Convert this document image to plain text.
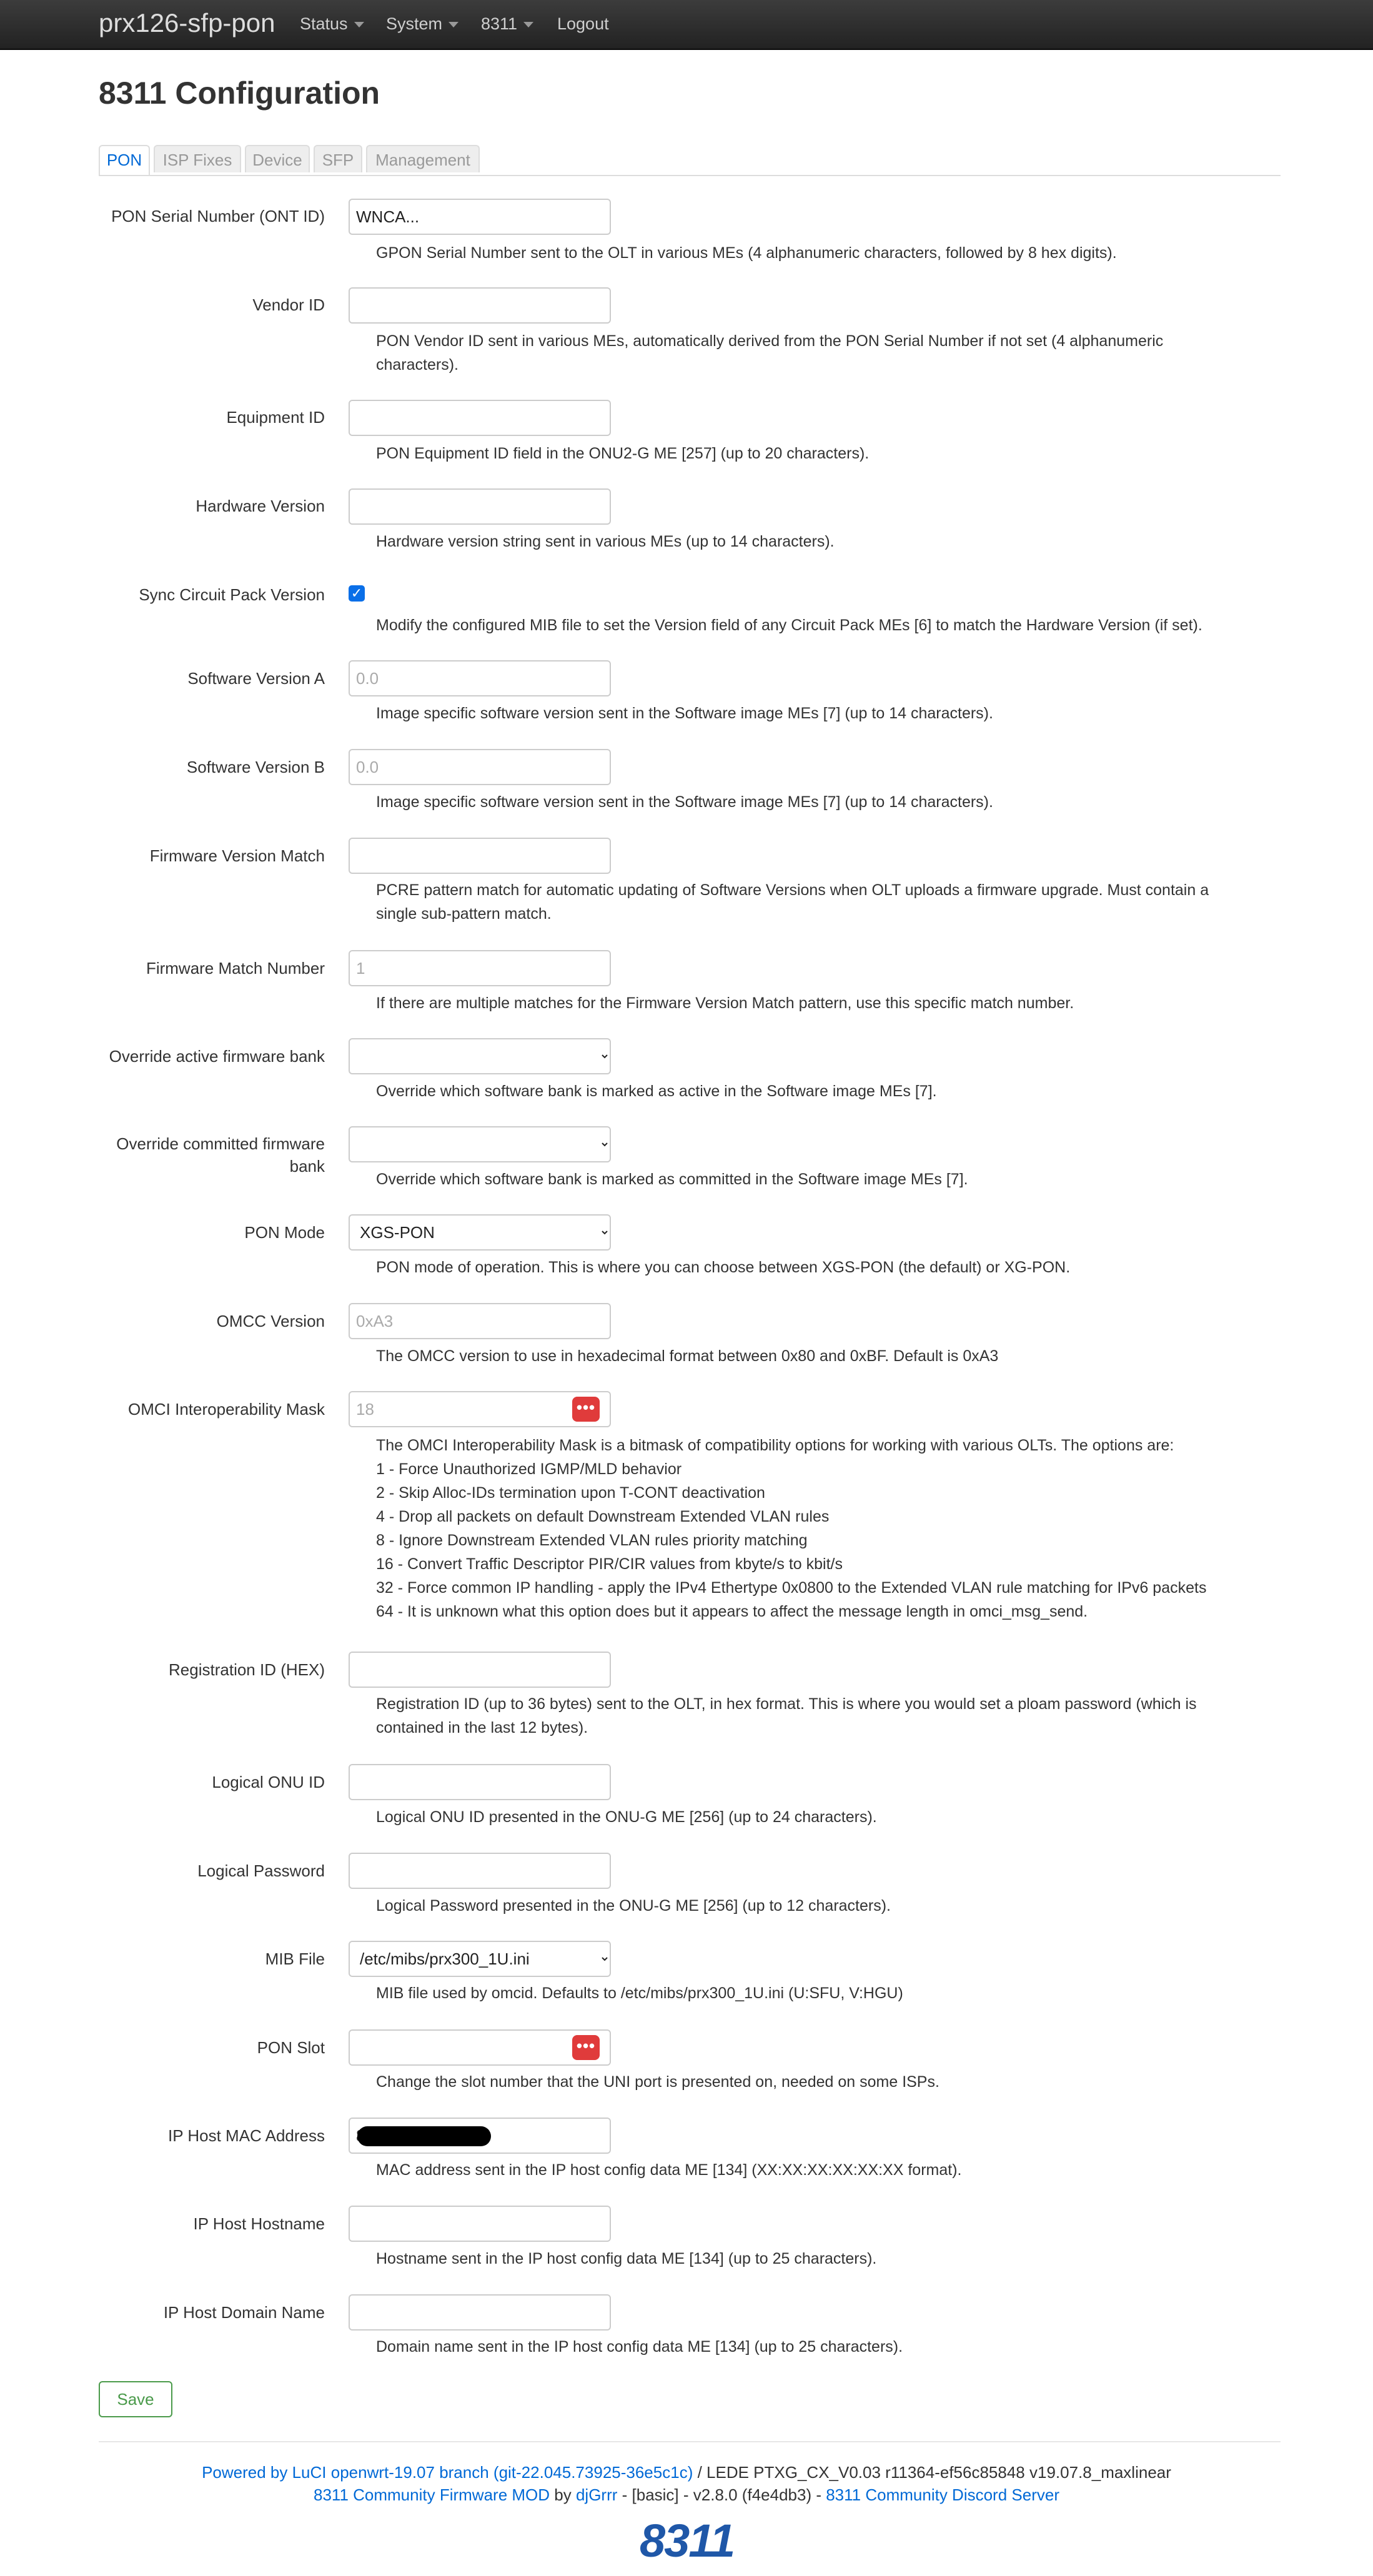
prx126-sfp-pon Status	System	8311	Logout
8311 Configuration
PON	ISP Fixes	Device	SFP	Management
PON Serial Number (ONT ID)
WNCA...

GPON Serial Number sent to the OLT in various MEs (4 alphanumeric characters, followed by 8 hex digits).

Vendor ID

PON Vendor ID sent in various MEs, automatically derived from the PON Serial Number if not set (4 alphanumeric
characters).

Equipment ID

PON Equipment ID field in the ONU2-G ME [257] (up to 20 characters).

Hardware Version

Hardware version string sent in various MEs (up to 14 characters).

Sync Circuit Pack Version ✓

Modify the configured MIB file to set the Version field of any Circuit Pack MEs [6] to match the Hardware Version (if set).

Software Version A
0.0

Image specific software version sent in the Software image MEs [7] (up to 14 characters).

Software Version B
0.0

Image specific software version sent in the Software image MEs [7] (up to 14 characters).

Firmware Version Match

PCRE pattern match for automatic updating of Software Versions when OLT uploads a firmware upgrade. Must contain a
single sub-pattern match.

Firmware Match Number
1

If there are multiple matches for the Firmware Version Match pattern, use this specific match number.

Override active firmware bank

Override which software bank is marked as active in the Software image MEs [7].

Override committed firmware
bank

Override which software bank is marked as committed in the Software image MEs [7].

PON Mode
XGS-PON

PON mode of operation. This is where you can choose between XGS-PON (the default) or XG-PON.

OMCC Version
0xA3

The OMCC version to use in hexadecimal format between 0x80 and 0xBF. Default is 0xA3

OMCI Interoperability Mask
18	•••
The OMCI Interoperability Mask is a bitmask of compatibility options for working with various OLTs. The options are:
1 - Force Unauthorized IGMP/MLD behavior
2 - Skip Alloc-IDs termination upon T-CONT deactivation
4 - Drop all packets on default Downstream Extended VLAN rules
8 - Ignore Downstream Extended VLAN rules priority matching
16 - Convert Traffic Descriptor PIR/CIR values from kbyte/s to kbit/s
32 - Force common IP handling - apply the IPv4 Ethertype 0x0800 to the Extended VLAN rule matching for IPv6 packets
64 - It is unknown what this option does but it appears to affect the message length in omci_msg_send.
Registration ID (HEX)

Registration ID (up to 36 bytes) sent to the OLT, in hex format. This is where you would set a ploam password (which is
contained in the last 12 bytes).

Logical ONU ID

Logical ONU ID presented in the ONU-G ME [256] (up to 24 characters).

Logical Password

Logical Password presented in the ONU-G ME [256] (up to 12 characters).

MIB File
/etc/mibs/prx300_1U.ini

MIB file used by omcid. Defaults to /etc/mibs/prx300_1U.ini (U:SFU, V:HGU)

PON Slot	•••

Change the slot number that the UNI port is presented on, needed on some ISPs.

IP Host MAC Address
8

MAC address sent in the IP host config data ME [134] (XX:XX:XX:XX:XX:XX format).

IP Host Hostname

Hostname sent in the IP host config data ME [134] (up to 25 characters).

IP Host Domain Name

Domain name sent in the IP host config data ME [134] (up to 25 characters).

Save
Powered by LuCI openwrt-19.07 branch (git-22.045.73925-36e5c1c) / LEDE PTXG_CX_V0.03 r11364-ef56c85848 v19.07.8_maxlinear
8311 Community Firmware MOD by djGrrr - [basic] - v2.8.0 (f4e4db3) - 8311 Community Discord Server
8311
